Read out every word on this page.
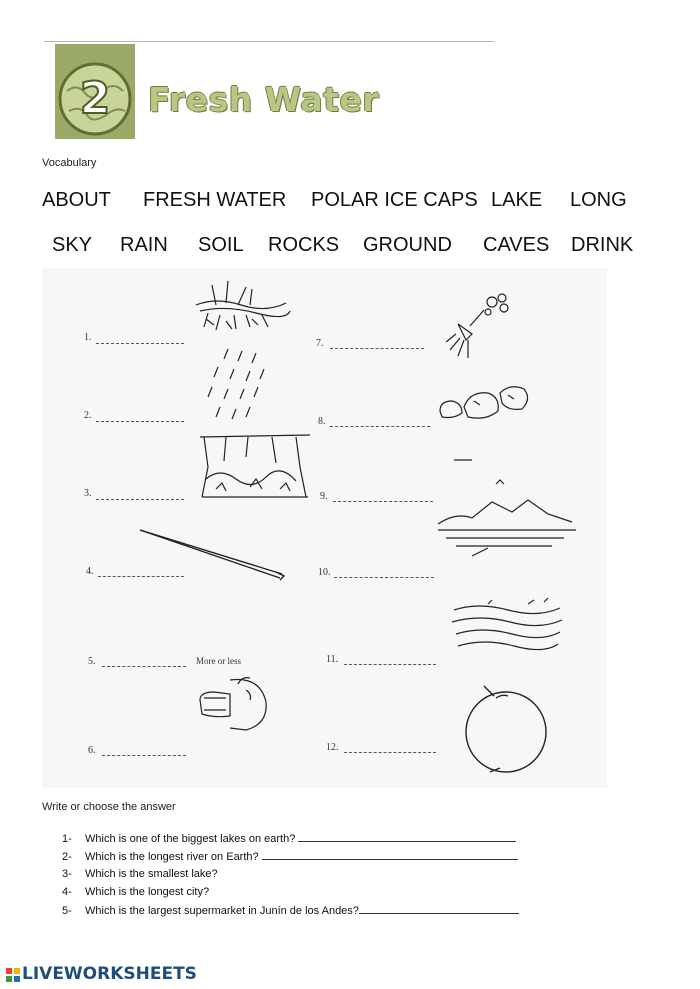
2 Fresh Water
Vocabulary
ABOUT FRESH WATER POLAR ICE CAPS LAKE LONG
SKY RAIN SOIL ROCKS GROUND CAVES DRINK
1.
2.
3.
4.
5.	More or less
6.
7.
8.
9.
10.
11.
12.
Write or choose the answer
1- Which is one of the biggest lakes on earth?
2- Which is the longest river on Earth?
3- Which is the smallest lake?
4- Which is the longest city?
5- Which is the largest supermarket in Junín de los Andes?
LIVEWORKSHEETS
